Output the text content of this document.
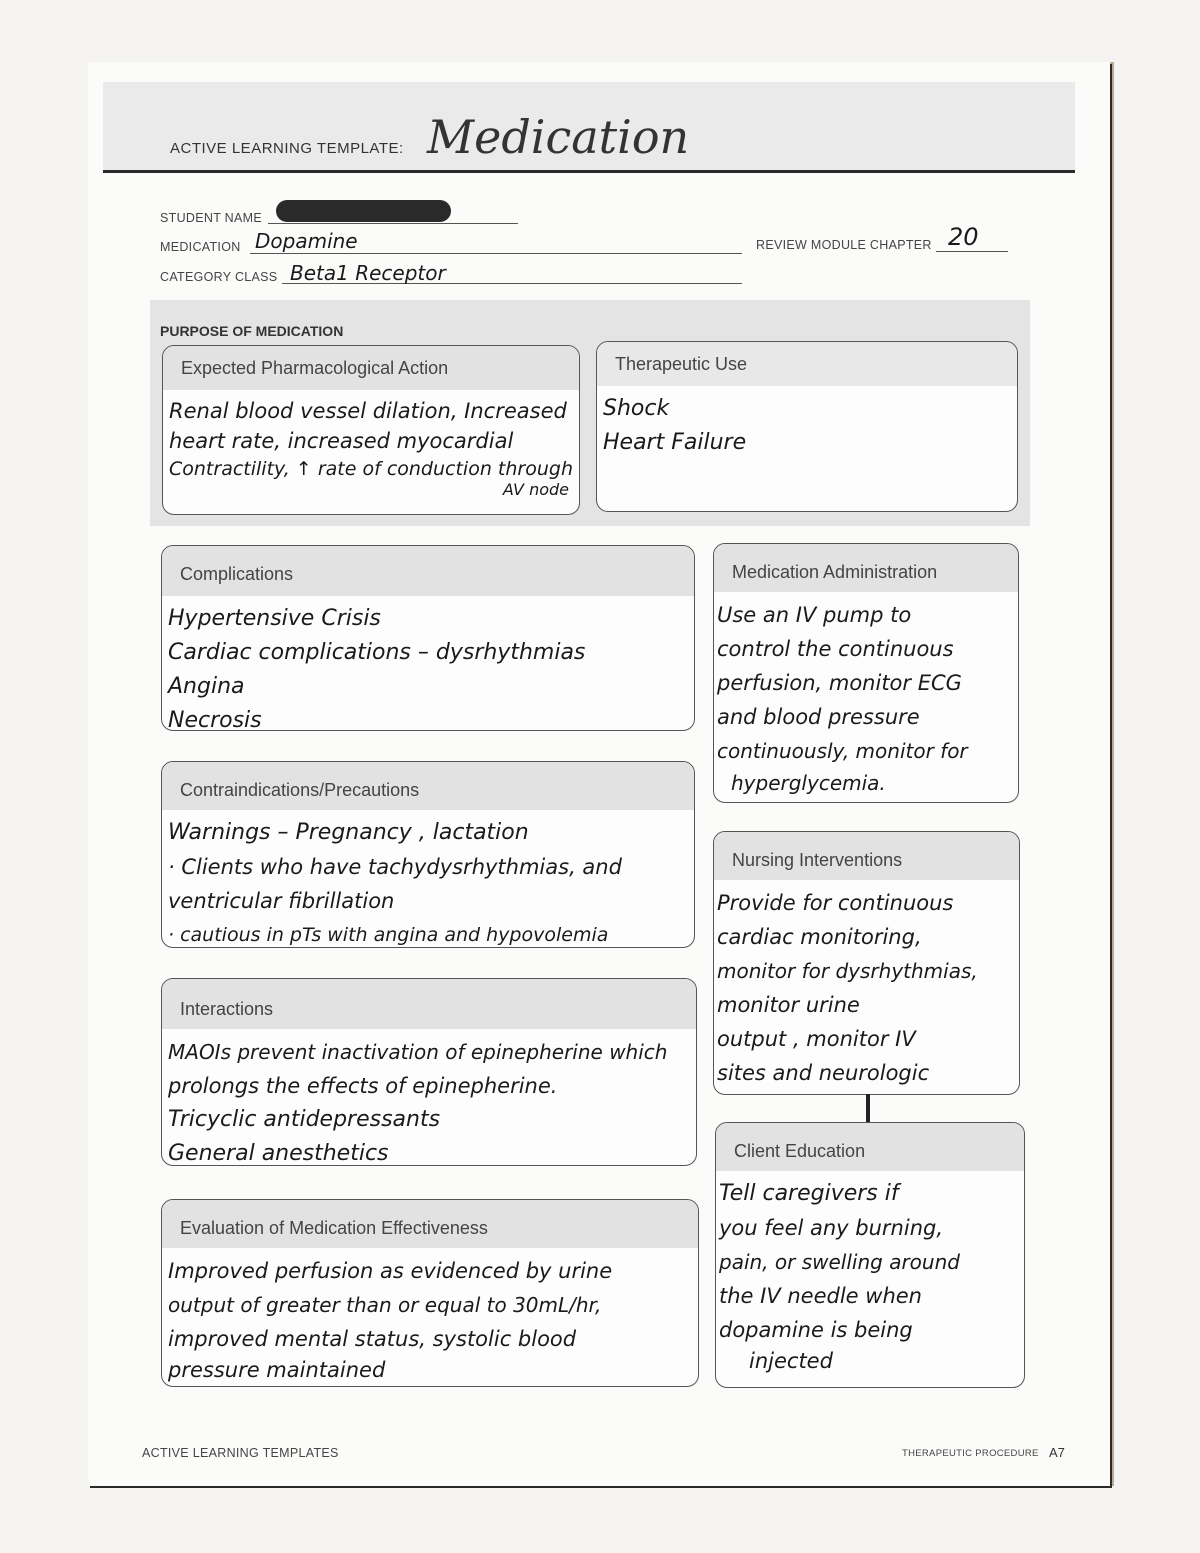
ACTIVE LEARNING TEMPLATE: Medication
STUDENT NAME
MEDICATION Dopamine
CATEGORY CLASS Beta1 Receptor
REVIEW MODULE CHAPTER 20
PURPOSE OF MEDICATION
Expected Pharmacological Action
Renal blood vessel dilation, Increased
heart rate, increased myocardial
Contractility, ↑ rate of conduction through
AV node
Therapeutic Use
Shock
Heart Failure
Complications
Hypertensive Crisis
Cardiac complications – dysrhythmias
Angina
Necrosis
Medication Administration
Use an IV pump to
control the continuous
perfusion, monitor ECG
and blood pressure
continuously, monitor for
hyperglycemia.
Contraindications/Precautions
Warnings – Pregnancy , lactation
· Clients who have tachydysrhythmias, and
ventricular fibrillation
· cautious in pTs with angina and hypovolemia
Nursing Interventions
Provide for continuous
cardiac monitoring,
monitor for dysrhythmias,
monitor urine
output , monitor IV
sites and neurologic
Interactions
MAOIs prevent inactivation of epinepherine which
prolongs the effects of epinepherine.
Tricyclic antidepressants
General anesthetics	Client Education
Tell caregivers if
you feel any burning,
pain, or swelling around
the IV needle when
dopamine is being
injected
Evaluation of Medication Effectiveness
Improved perfusion as evidenced by urine
output of greater than or equal to 30mL/hr,
improved mental status, systolic blood
pressure maintained
ACTIVE LEARNING TEMPLATES	THERAPEUTIC PROCEDURE A7
